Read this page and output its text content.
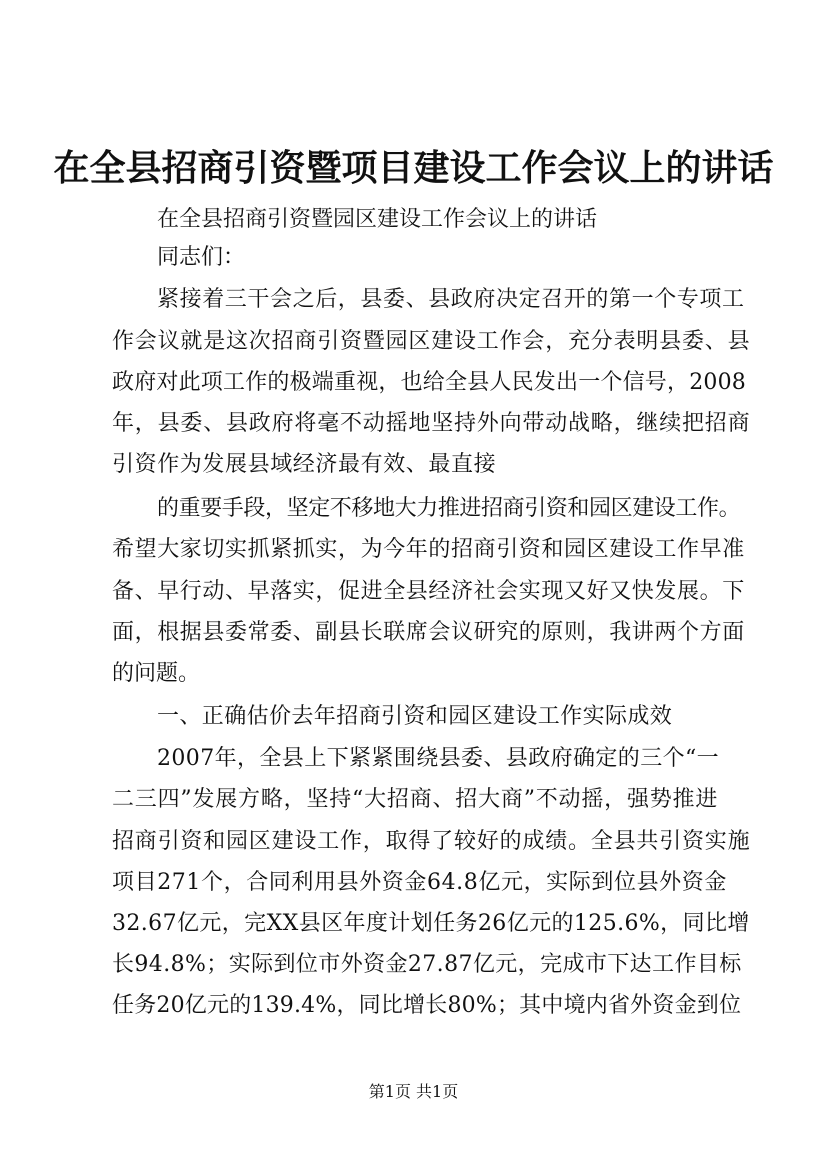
在全县招商引资暨项目建设工作会议上的讲话
在全县招商引资暨园区建设工作会议上的讲话
同志们：
紧接着三干会之后，县委、县政府决定召开的第一个专项工
作会议就是这次招商引资暨园区建设工作会，充分表明县委、县
政府对此项工作的极端重视，也给全县人民发出一个信号，2008
年，县委、县政府将毫不动摇地坚持外向带动战略，继续把招商
引资作为发展县域经济最有效、最直接
的重要手段，坚定不移地大力推进招商引资和园区建设工作。
希望大家切实抓紧抓实，为今年的招商引资和园区建设工作早准
备、早行动、早落实，促进全县经济社会实现又好又快发展。下
面，根据县委常委、副县长联席会议研究的原则，我讲两个方面
的问题。
一、正确估价去年招商引资和园区建设工作实际成效
2007年，全县上下紧紧围绕县委、县政府确定的三个“一
二三四”发展方略，坚持“大招商、招大商”不动摇，强势推进
招商引资和园区建设工作，取得了较好的成绩。全县共引资实施
项目271个，合同利用县外资金64.8亿元，实际到位县外资金
32.67亿元，完XX县区年度计划任务26亿元的125.6%，同比增
长94.8%；实际到位市外资金27.87亿元，完成市下达工作目标
任务20亿元的139.4%，同比增长80%；其中境内省外资金到位
第1页 共1页
